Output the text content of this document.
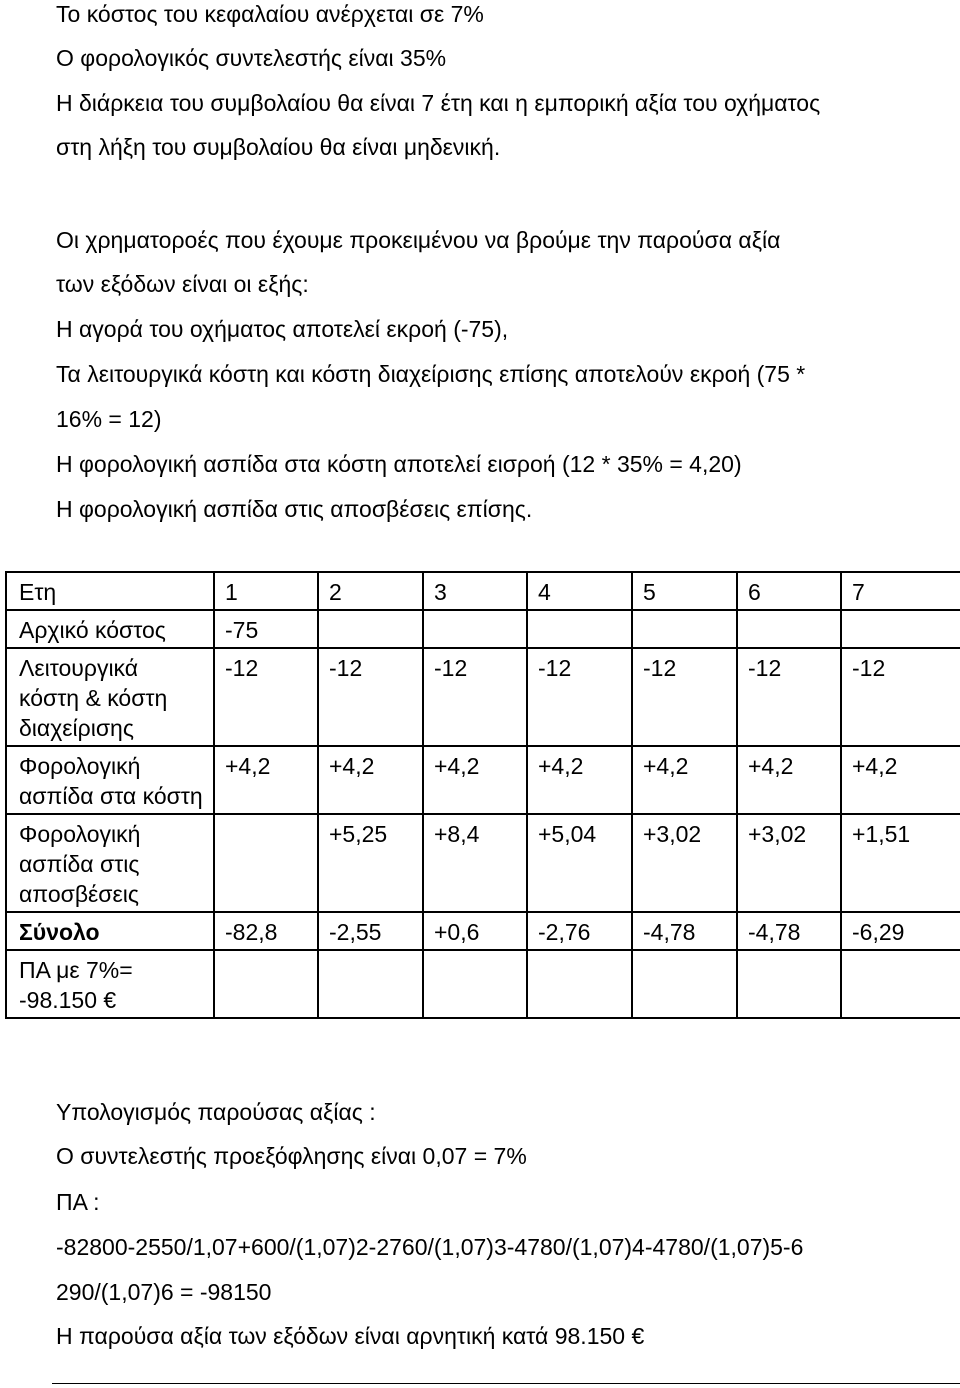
Το κόστος του κεφαλαίου ανέρχεται σε 7%
Ο φορολογικός συντελεστής είναι 35%
Η διάρκεια του συμβολαίου θα είναι 7 έτη και η εμπορική αξία του οχήματος
στη λήξη του συμβολαίου θα είναι μηδενική.
Οι χρηματοροές που έχουμε προκειμένου να βρούμε την παρούσα αξία
των εξόδων είναι οι εξής:
Η αγορά του οχήματος αποτελεί εκροή (-75),
Τα λειτουργικά κόστη και κόστη διαχείρισης επίσης αποτελούν εκροή (75 *
16% = 12)
Η φορολογική ασπίδα στα κόστη αποτελεί εισροή (12 * 35% = 4,20)
Η φορολογική ασπίδα στις αποσβέσεις επίσης.
Ετη	1	2	3	4	5	6	7
Αρχικό κόστος	-75						
Λειτουργικά κόστη & κόστη διαχείρισης	-12	-12	-12	-12	-12	-12	-12
Φορολογική ασπίδα στα κόστη	+4,2	+4,2	+4,2	+4,2	+4,2	+4,2	+4,2
Φορολογική ασπίδα στις αποσβέσεις		+5,25	+8,4	+5,04	+3,02	+3,02	+1,51
Σύνολο	-82,8	-2,55	+0,6	-2,76	-4,78	-4,78	-6,29
ΠΑ με 7%=
-98.150 €							
Υπολογισμός παρούσας αξίας :
Ο συντελεστής προεξόφλησης είναι 0,07 = 7%
ΠΑ :
-82800-2550/1,07+600/(1,07)2-2760/(1,07)3-4780/(1,07)4-4780/(1,07)5-6
290/(1,07)6 = -98150
Η παρούσα αξία των εξόδων είναι αρνητική κατά 98.150 €
